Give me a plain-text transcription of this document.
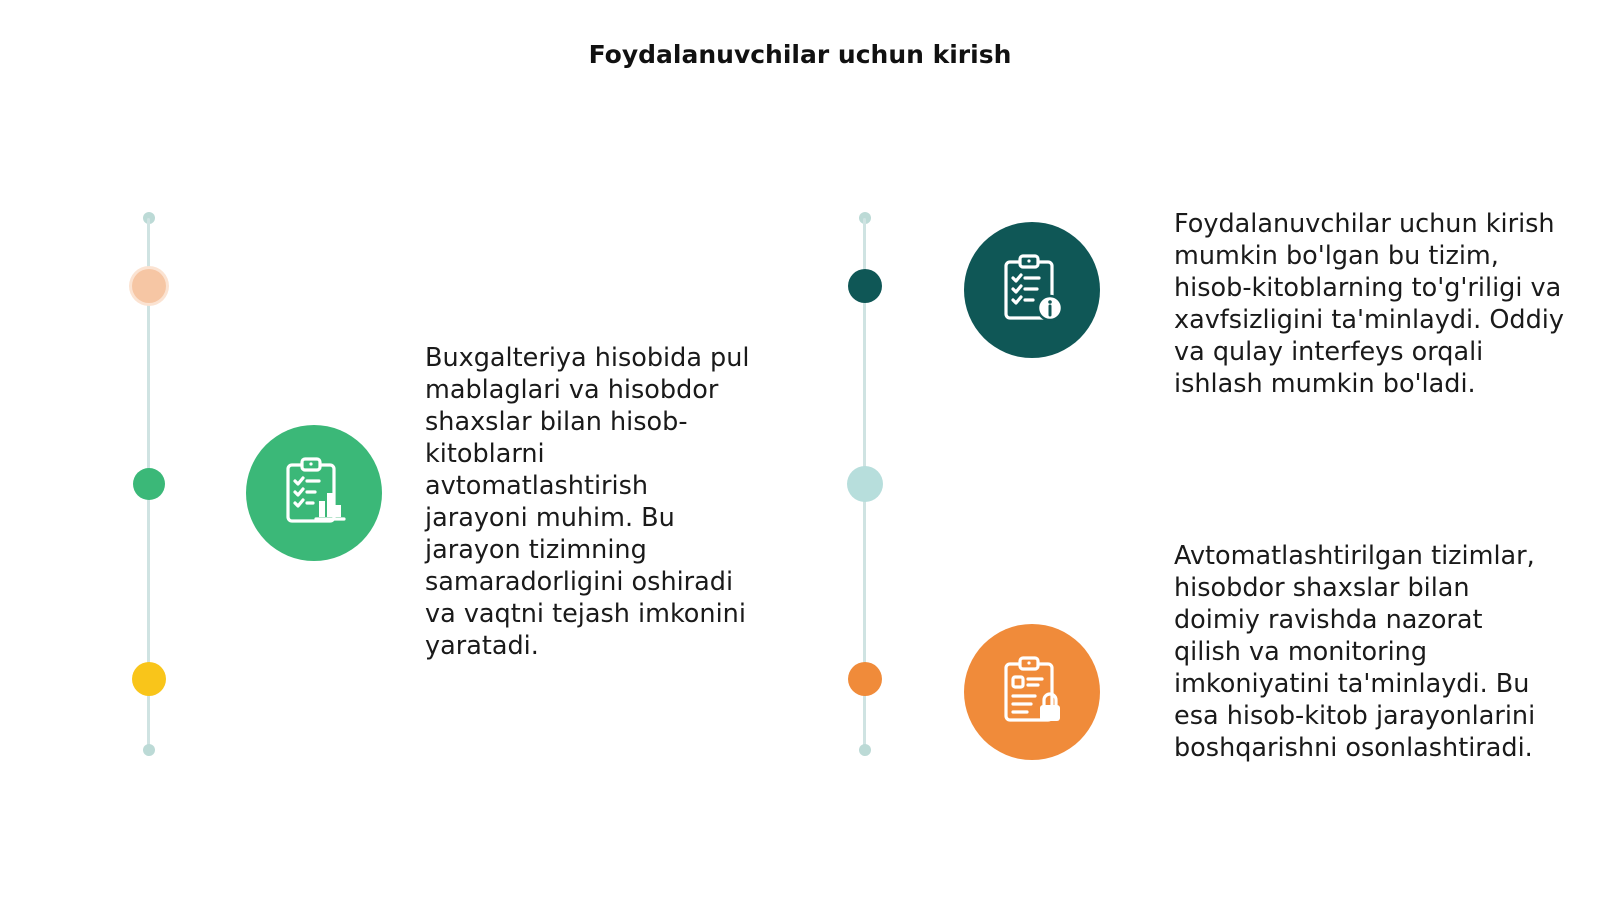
Foydalanuvchilar uchun kirish
Buxgalteriya hisobida pul mablaglari va hisobdor shaxslar bilan hisob-kitoblarni avtomatlashtirish jarayoni muhim. Bu jarayon tizimning samaradorligini oshiradi va vaqtni tejash imkonini yaratadi.
Foydalanuvchilar uchun kirish mumkin bo'lgan bu tizim, hisob-kitoblarning to'g'riligi va xavfsizligini ta'minlaydi. Oddiy va qulay interfeys orqali ishlash mumkin bo'ladi.
Avtomatlashtirilgan tizimlar, hisobdor shaxslar bilan doimiy ravishda nazorat qilish va monitoring imkoniyatini ta'minlaydi. Bu esa hisob-kitob jarayonlarini boshqarishni osonlashtiradi.
